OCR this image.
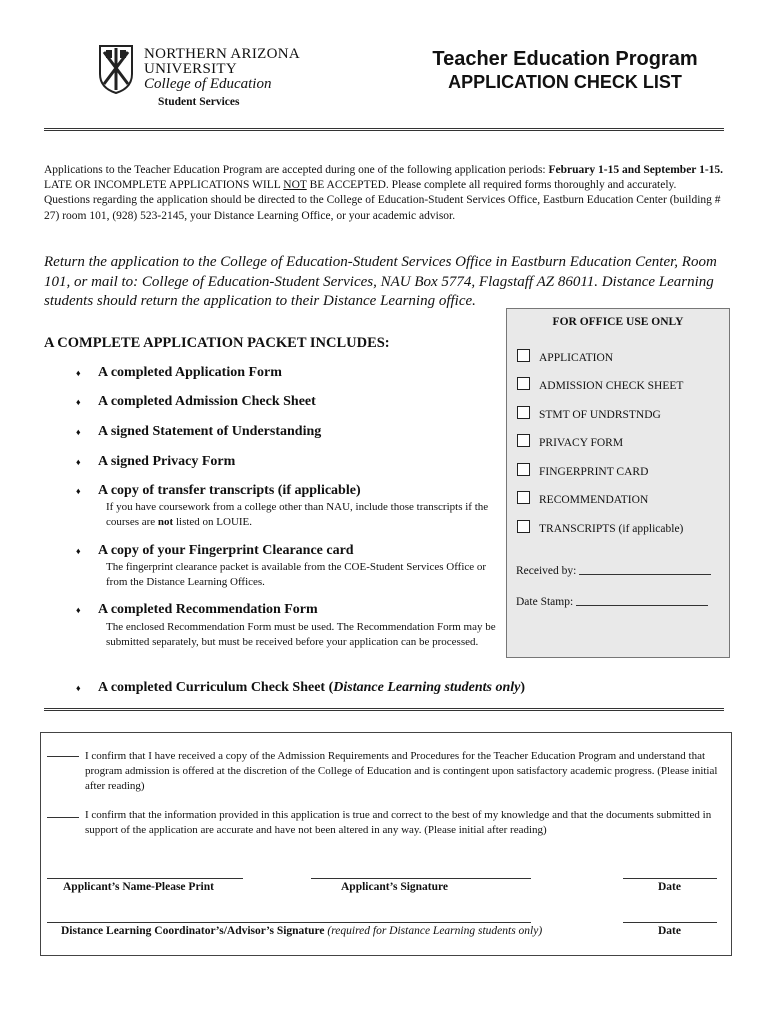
NORTHERN ARIZONA
UNIVERSITY
College of Education
Student Services
Teacher Education Program
APPLICATION CHECK LIST
Applications to the Teacher Education Program are accepted during one of the following application periods: February 1-15 and September 1-15. LATE OR INCOMPLETE APPLICATIONS WILL NOT BE ACCEPTED. Please complete all required forms thoroughly and accurately. Questions regarding the application should be directed to the College of Education-Student Services Office, Eastburn Education Center (building # 27) room 101, (928) 523-2145, your Distance Learning Office, or your academic advisor.
Return the application to the College of Education-Student Services Office in Eastburn Education Center, Room 101, or mail to: College of Education-Student Services, NAU Box 5774, Flagstaff AZ 86011. Distance Learning students should return the application to their Distance Learning office.
A COMPLETE APPLICATION PACKET INCLUDES:
♦ A completed Application Form
♦ A completed Admission Check Sheet
♦ A signed Statement of Understanding
♦ A signed Privacy Form
♦ A copy of transfer transcripts (if applicable)
If you have coursework from a college other than NAU, include those transcripts if the courses are not listed on LOUIE.
♦ A copy of your Fingerprint Clearance card
The fingerprint clearance packet is available from the COE-Student Services Office or from the Distance Learning Offices.
♦ A completed Recommendation Form
The enclosed Recommendation Form must be used. The Recommendation Form may be submitted separately, but must be received before your application can be processed.
♦ A completed Curriculum Check Sheet (Distance Learning students only)
FOR OFFICE USE ONLY
APPLICATION
ADMISSION CHECK SHEET
STMT OF UNDRSTNDG
PRIVACY FORM
FINGERPRINT CARD
RECOMMENDATION
TRANSCRIPTS (if applicable)
Received by:
Date Stamp:
I confirm that I have received a copy of the Admission Requirements and Procedures for the Teacher Education Program and understand that program admission is offered at the discretion of the College of Education and is contingent upon satisfactory academic progress. (Please initial after reading)
I confirm that the information provided in this application is true and correct to the best of my knowledge and that the documents submitted in support of the application are accurate and have not been altered in any way. (Please initial after reading)
Applicant’s Name-Please Print	Applicant’s Signature	Date
Distance Learning Coordinator’s/Advisor’s Signature (required for Distance Learning students only)	Date
